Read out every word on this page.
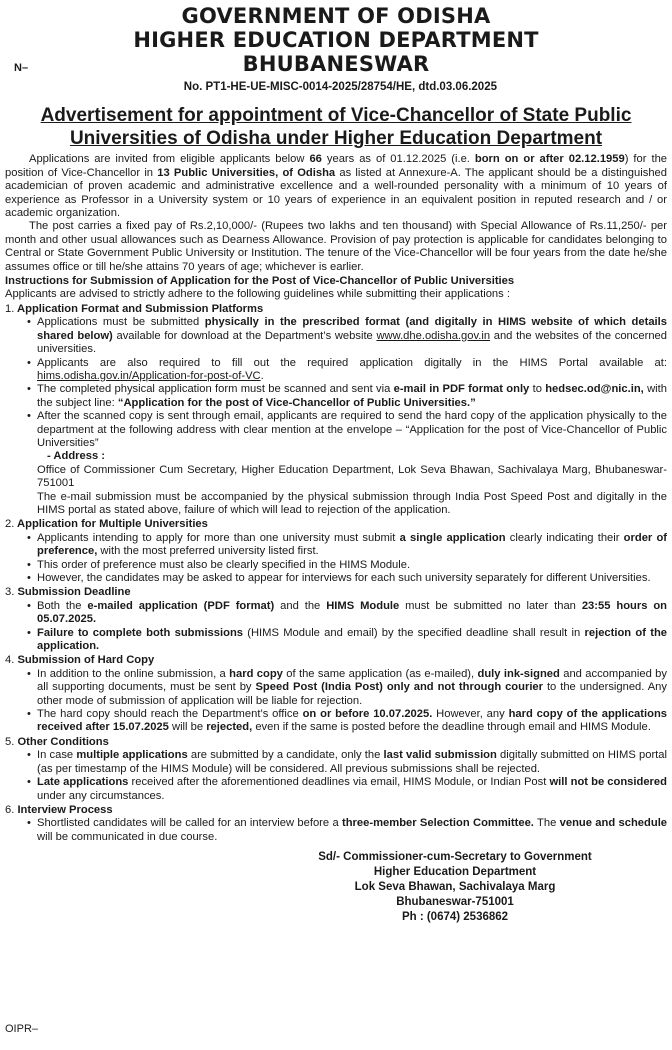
N–
GOVERNMENT OF ODISHA
HIGHER EDUCATION DEPARTMENT
BHUBANESWAR
No. PT1-HE-UE-MISC-0014-2025/28754/HE, dtd.03.06.2025
Advertisement for appointment of Vice-Chancellor of State Public
Universities of Odisha under Higher Education Department

Applications are invited from eligible applicants below 66 years as of 01.12.2025 (i.e. born on or after 02.12.1959) for the position of Vice-Chancellor in 13 Public Universities, of Odisha as listed at Annexure-A. The applicant should be a distinguished academician of proven academic and administrative excellence and a well-rounded personality with a minimum of 10 years of experience as Professor in a University system or 10 years of experience in an equivalent position in reputed research and / or academic organization.

The post carries a fixed pay of Rs.2,10,000/- (Rupees two lakhs and ten thousand) with Special Allowance of Rs.11,250/- per month and other usual allowances such as Dearness Allowance. Provision of pay protection is applicable for candidates belonging to Central or State Government Public University or Institution. The tenure of the Vice-Chancellor will be four years from the date he/she assumes office or till he/she attains 70 years of age; whichever is earlier.

Instructions for Submission of Application for the Post of Vice-Chancellor of Public Universities

Applicants are advised to strictly adhere to the following guidelines while submitting their applications :

1. Application Format and Submission Platforms
• Applications must be submitted physically in the prescribed format (and digitally in HIMS website of which details shared below) available for download at the Department’s website www.dhe.odisha.gov.in and the websites of the concerned universities.
• Applicants are also required to fill out the required application digitally in the HIMS Portal available at: hims.odisha.gov.in/Application-for-post-of-VC.
• The completed physical application form must be scanned and sent via e-mail in PDF format only to hedsec.od@nic.in, with the subject line: “Application for the post of Vice-Chancellor of Public Universities.”
• After the scanned copy is sent through email, applicants are required to send the hard copy of the application physically to the department at the following address with clear mention at the envelope – “Application for the post of Vice-Chancellor of Public Universities”
- Address :
Office of Commissioner Cum Secretary, Higher Education Department, Lok Seva Bhawan, Sachivalaya Marg, Bhubaneswar-751001
• The e-mail submission must be accompanied by the physical submission through India Post Speed Post and digitally in the HIMS portal as stated above, failure of which will lead to rejection of the application.
2. Application for Multiple Universities
• Applicants intending to apply for more than one university must submit a single application clearly indicating their order of preference, with the most preferred university listed first.
• This order of preference must also be clearly specified in the HIMS Module.
• However, the candidates may be asked to appear for interviews for each such university separately for different Universities.
3. Submission Deadline
• Both the e-mailed application (PDF format) and the HIMS Module must be submitted no later than 23:55 hours on 05.07.2025.
• Failure to complete both submissions (HIMS Module and email) by the specified deadline shall result in rejection of the application.
4. Submission of Hard Copy
• In addition to the online submission, a hard copy of the same application (as e-mailed), duly ink-signed and accompanied by all supporting documents, must be sent by Speed Post (India Post) only and not through courier to the undersigned. Any other mode of submission of application will be liable for rejection.
• The hard copy should reach the Department’s office on or before 10.07.2025. However, any hard copy of the applications received after 15.07.2025 will be rejected, even if the same is posted before the deadline through email and HIMS Module.
5. Other Conditions
• In case multiple applications are submitted by a candidate, only the last valid submission digitally submitted on HIMS portal (as per timestamp of the HIMS Module) will be considered. All previous submissions shall be rejected.
• Late applications received after the aforementioned deadlines via email, HIMS Module, or Indian Post will not be considered under any circumstances.
6. Interview Process
• Shortlisted candidates will be called for an interview before a three-member Selection Committee. The venue and schedule will be communicated in due course.
Sd/- Commissioner-cum-Secretary to Government
Higher Education Department
Lok Seva Bhawan, Sachivalaya Marg
Bhubaneswar-751001
Ph : (0674) 2536862
OIPR–
